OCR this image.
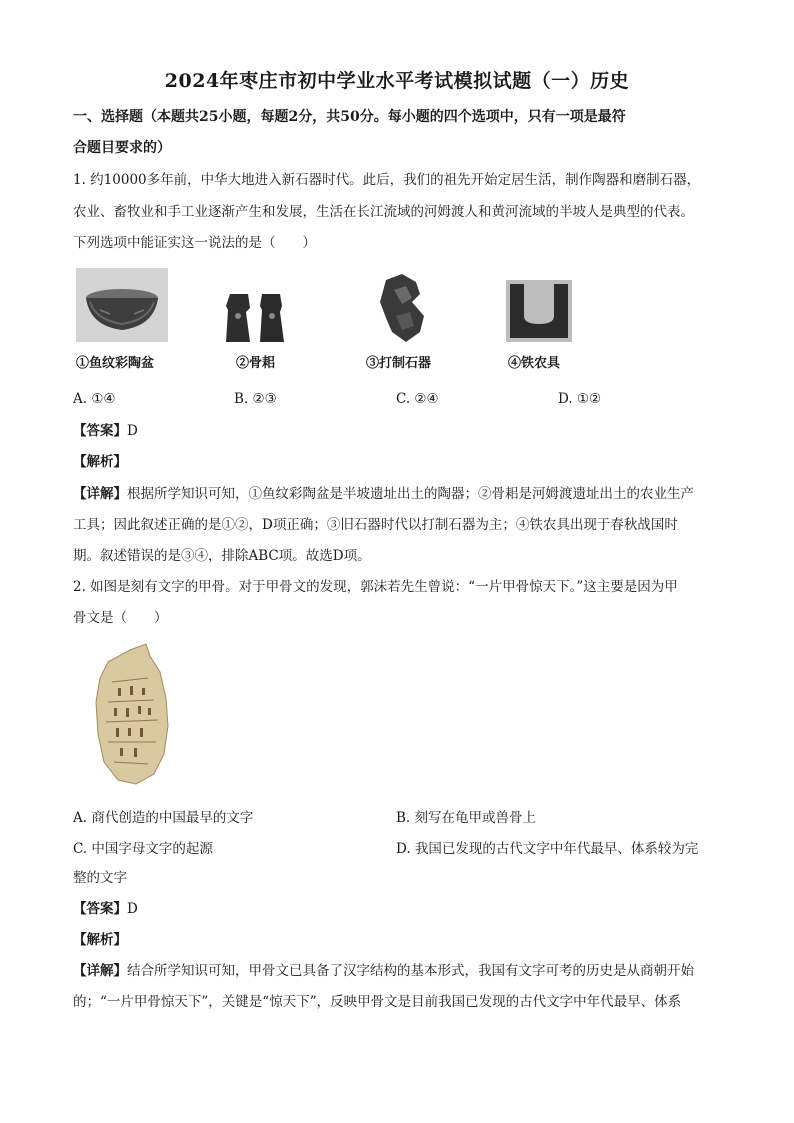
2024年枣庄市初中学业水平考试模拟试题（一）历史
一、选择题（本题共25小题，每题2分，共50分。每小题的四个选项中，只有一项是最符
合题目要求的）
1. 约10000多年前，中华大地进入新石器时代。此后，我们的祖先开始定居生活，制作陶器和磨制石器，
农业、畜牧业和手工业逐渐产生和发展，生活在长江流域的河姆渡人和黄河流域的半坡人是典型的代表。
下列选项中能证实这一说法的是（　　）
①鱼纹彩陶盆	②骨耜	③打制石器	④铁农具
A. ①④	B. ②③	C. ②④	D. ①②
【答案】D
【解析】
【详解】根据所学知识可知，①鱼纹彩陶盆是半坡遗址出土的陶器；②骨耜是河姆渡遗址出土的农业生产
工具；因此叙述正确的是①②，D项正确；③旧石器时代以打制石器为主；④铁农具出现于春秋战国时
期。叙述错误的是③④，排除ABC项。故选D项。
2. 如图是刻有文字的甲骨。对于甲骨文的发现，郭沫若先生曾说：“一片甲骨惊天下。”这主要是因为甲
骨文是（　　）
A. 商代创造的中国最早的文字	B. 刻写在龟甲或兽骨上
C. 中国字母文字的起源	D. 我国已发现的古代文字中年代最早、体系较为完
整的文字
【答案】D
【解析】
【详解】结合所学知识可知，甲骨文已具备了汉字结构的基本形式，我国有文字可考的历史是从商朝开始
的；“一片甲骨惊天下”，关键是“惊天下”，反映甲骨文是目前我国已发现的古代文字中年代最早、体系
